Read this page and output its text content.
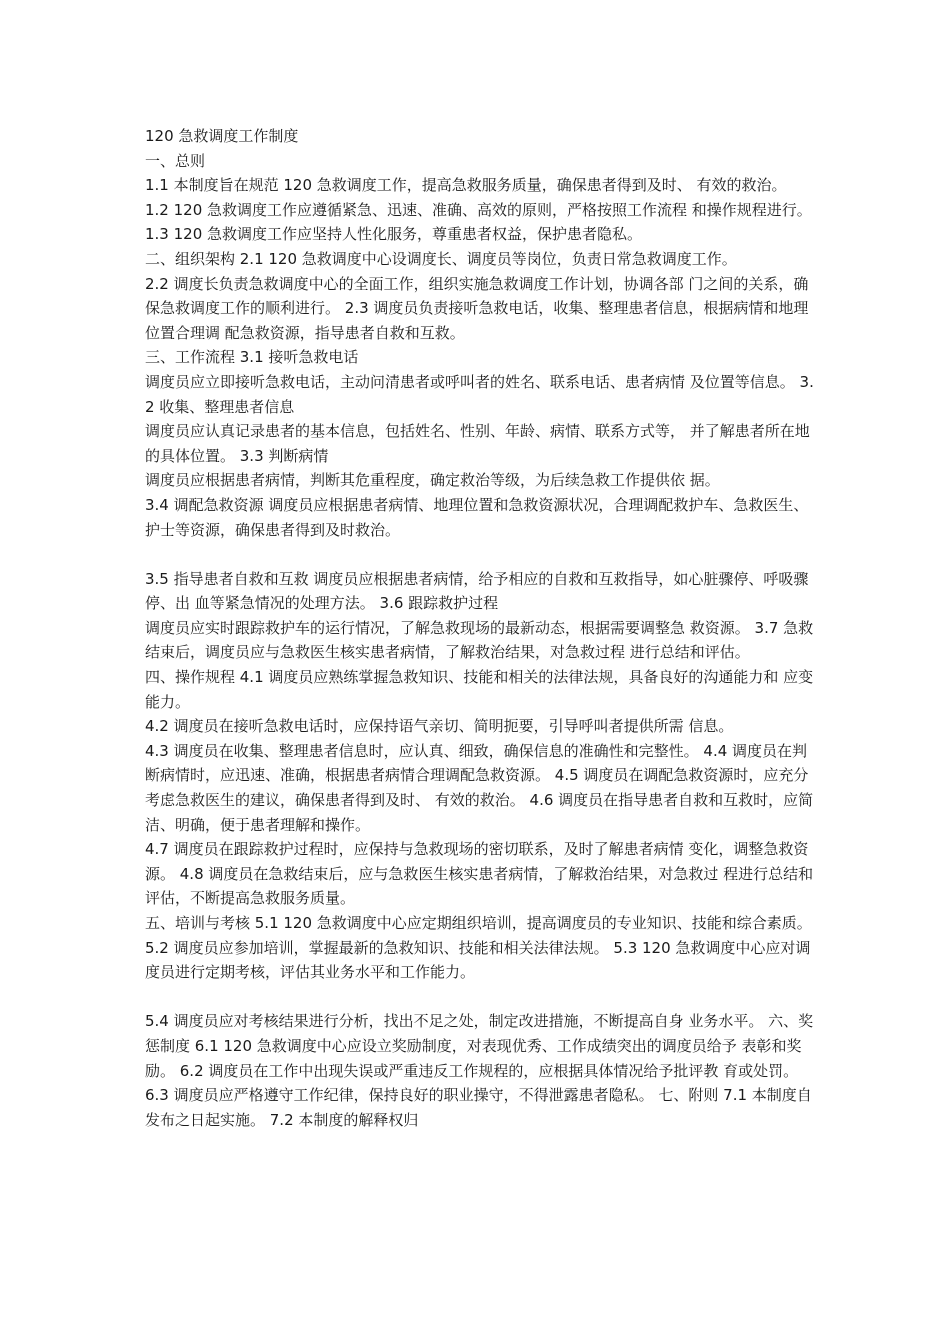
120 急救调度工作制度

一、总则

1.1 本制度旨在规范 120 急救调度工作，提高急救服务质量，确保患者得到及时、 有效的救治。

1.2 120 急救调度工作应遵循紧急、迅速、准确、高效的原则，严格按照工作流程 和操作规程进行。 1.3 120 急救调度工作应坚持人性化服务，尊重患者权益，保护患者隐私。

二、组织架构 2.1 120 急救调度中心设调度长、调度员等岗位，负责日常急救调度工作。

2.2 调度长负责急救调度中心的全面工作，组织实施急救调度工作计划，协调各部 门之间的关系，确保急救调度工作的顺利进行。 2.3 调度员负责接听急救电话，收集、整理患者信息，根据病情和地理位置合理调 配急救资源，指导患者自救和互救。

三、工作流程 3.1 接听急救电话

调度员应立即接听急救电话，主动问清患者或呼叫者的姓名、联系电话、患者病情 及位置等信息。 3.2 收集、整理患者信息

调度员应认真记录患者的基本信息，包括姓名、性别、年龄、病情、联系方式等， 并了解患者所在地的具体位置。 3.3 判断病情

调度员应根据患者病情，判断其危重程度，确定救治等级，为后续急救工作提供依 据。

3.4 调配急救资源 调度员应根据患者病情、地理位置和急救资源状况，合理调配救护车、急救医生、 护士等资源，确保患者得到及时救治。

3.5 指导患者自救和互救 调度员应根据患者病情，给予相应的自救和互救指导，如心脏骤停、呼吸骤停、出 血等紧急情况的处理方法。 3.6 跟踪救护过程

调度员应实时跟踪救护车的运行情况，了解急救现场的最新动态，根据需要调整急 救资源。 3.7 急救结束后，调度员应与急救医生核实患者病情，了解救治结果，对急救过程 进行总结和评估。

四、操作规程 4.1 调度员应熟练掌握急救知识、技能和相关的法律法规，具备良好的沟通能力和 应变能力。

4.2 调度员在接听急救电话时，应保持语气亲切、简明扼要，引导呼叫者提供所需 信息。

4.3 调度员在收集、整理患者信息时，应认真、细致，确保信息的准确性和完整性。 4.4 调度员在判断病情时，应迅速、准确，根据患者病情合理调配急救资源。 4.5 调度员在调配急救资源时，应充分考虑急救医生的建议，确保患者得到及时、 有效的救治。 4.6 调度员在指导患者自救和互救时，应简洁、明确，便于患者理解和操作。

4.7 调度员在跟踪救护过程时，应保持与急救现场的密切联系，及时了解患者病情 变化，调整急救资源。 4.8 调度员在急救结束后，应与急救医生核实患者病情，了解救治结果，对急救过 程进行总结和评估，不断提高急救服务质量。

五、培训与考核 5.1 120 急救调度中心应定期组织培训，提高调度员的专业知识、技能和综合素质。

5.2 调度员应参加培训，掌握最新的急救知识、技能和相关法律法规。 5.3 120 急救调度中心应对调度员进行定期考核，评估其业务水平和工作能力。

5.4 调度员应对考核结果进行分析，找出不足之处，制定改进措施，不断提高自身 业务水平。 六、奖惩制度 6.1 120 急救调度中心应设立奖励制度，对表现优秀、工作成绩突出的调度员给予 表彰和奖励。 6.2 调度员在工作中出现失误或严重违反工作规程的，应根据具体情况给予批评教 育或处罚。 6.3 调度员应严格遵守工作纪律，保持良好的职业操守，不得泄露患者隐私。 七、附则 7.1 本制度自发布之日起实施。 7.2 本制度的解释权归
